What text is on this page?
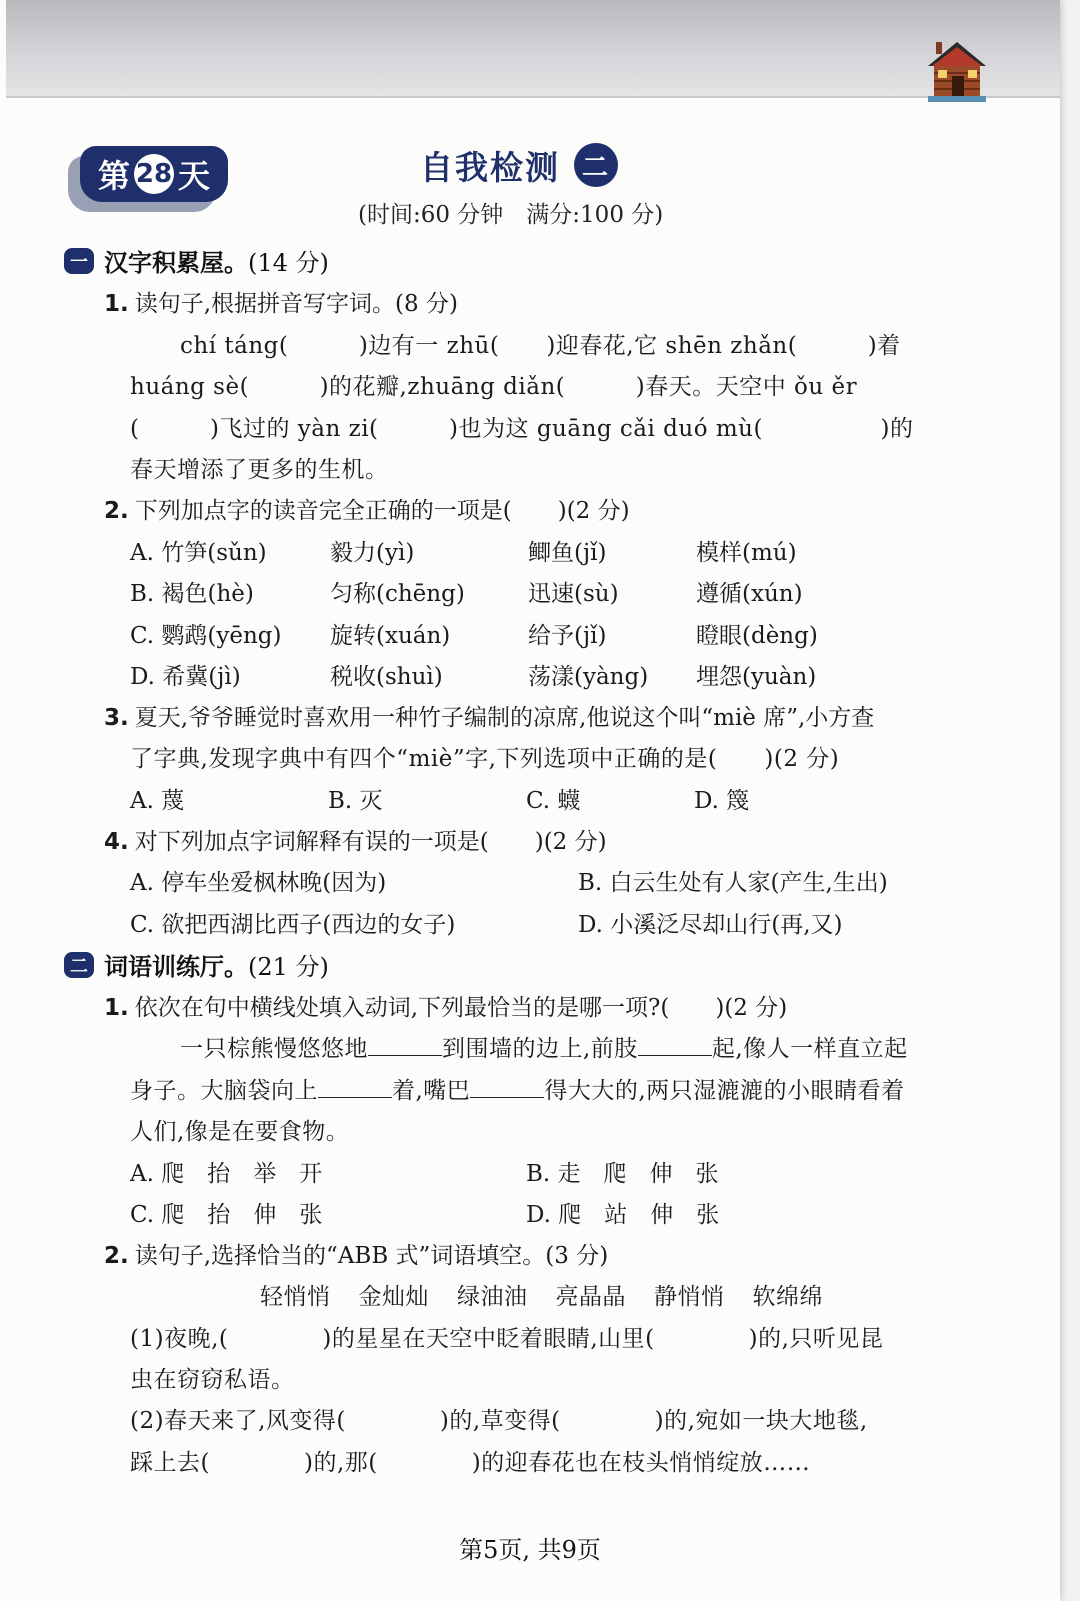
第 28 天	自我检测 二
(时间:60 分钟　满分:100 分)
一 汉字积累屋。 (14 分)
1. 读句子,根据拼音写字词。(8 分)
chí táng(　　　)边有一 zhū(　　)迎春花,它 shēn zhǎn(　　　)着
huáng sè(　　　)的花瓣,zhuāng diǎn(　　　)春天。天空中 ǒu ěr
(　　　)飞过的 yàn zi(　　　)也为这 guāng cǎi duó mù(　　　　　)的
春天增添了更多的生机。
2. 下列加点字的读音完全正确的一项是(　　)(2 分)
A. 竹笋(sǔn)	毅力(yì)	鲫鱼(jǐ)	模样(mú)
B. 褐色(hè)	匀称(chēng)	迅速(sù)	遵循(xún)
C. 鹦鹉(yēng) 旋转(xuán)	给予(jǐ)	瞪眼(dèng)
D. 希冀(jì)	税收(shuì)	荡漾(yàng) 埋怨(yuàn)
3. 夏天,爷爷睡觉时喜欢用一种竹子编制的凉席,他说这个叫“miè 席”,小方查
了字典,发现字典中有四个“miè”字,下列选项中正确的是(　　)(2 分)
A. 蔑	B. 灭	C. 蠛	D. 篾
4. 对下列加点字词解释有误的一项是(　　)(2 分)
A. 停车坐爱枫林晚(因为)	B. 白云生处有人家(产生,生出)
C. 欲把西湖比西子(西边的女子)	D. 小溪泛尽却山行(再,又)
二 词语训练厅。 (21 分)
1. 依次在句中横线处填入动词,下列最恰当的是哪一项?(　　)(2 分)
一只棕熊慢悠悠地	到围墙的边上,前肢	起,像人一样直立起
身子。大脑袋向上	着,嘴巴	得大大的,两只湿漉漉的小眼睛看着
人们,像是在要食物。
A. 爬　抬　举　开	B. 走　爬　伸　张
C. 爬　抬　伸　张	D. 爬　站　伸　张
2. 读句子,选择恰当的“ABB 式”词语填空。(3 分)
轻悄悄 金灿灿 绿油油 亮晶晶 静悄悄 软绵绵
(1)夜晚,(　　　　)的星星在天空中眨着眼睛,山里(　　　　)的,只听见昆
虫在窃窃私语。
(2)春天来了,风变得(　　　　)的,草变得(　　　　)的,宛如一块大地毯,
踩上去(　　　　)的,那(　　　　)的迎春花也在枝头悄悄绽放……
第5页, 共9页
